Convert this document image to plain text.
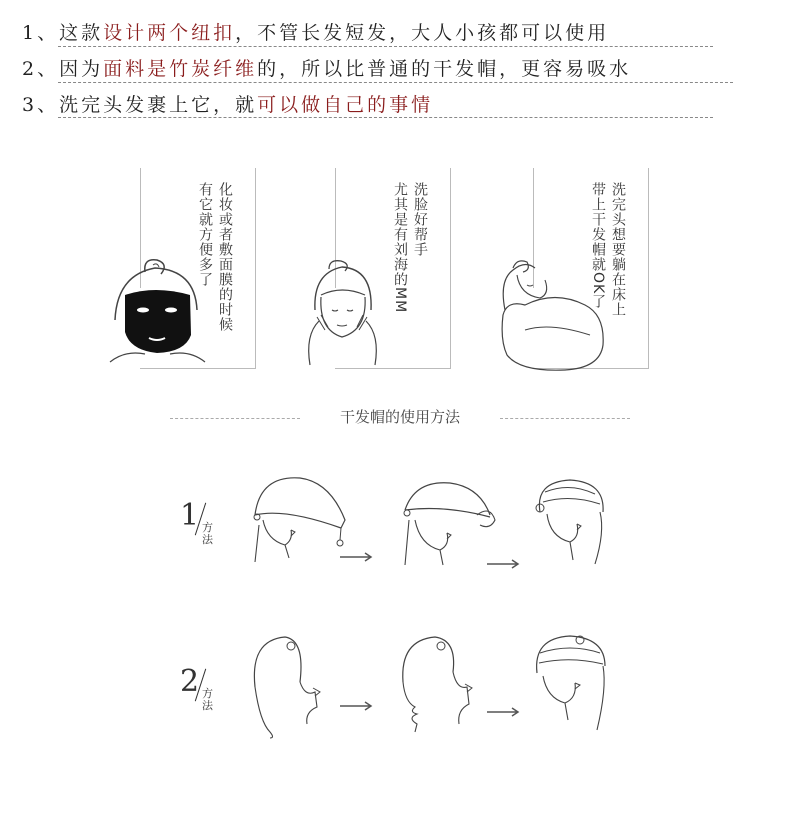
1、这款设计两个纽扣，不管长发短发，大人小孩都可以使用
2、因为面料是竹炭纤维的，所以比普通的干发帽，更容易吸水
3、洗完头发裹上它，就可以做自己的事情
化妆或者敷面膜的时候
有它就方便多了	洗脸好帮手
尤其是有刘海的MM	洗完头想要躺在床上
带上干发帽就OK了
干发帽的使用方法
1 方法
2 方法
